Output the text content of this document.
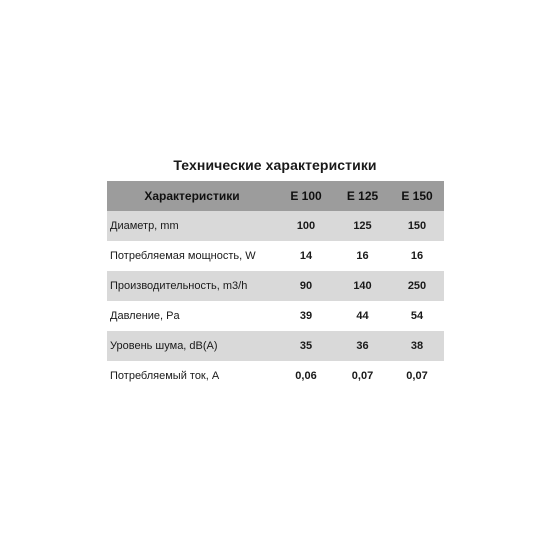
Технические характеристики
Характеристики	E 100	E 125	E 150
Диаметр, mm	100	125	150
Потребляемая мощность, W	14	16	16
Производительность, m3/h	90	140	250
Давление, Pa	39	44	54
Уровень шума, dB(A)	35	36	38
Потребляемый ток, A	0,06	0,07	0,07
